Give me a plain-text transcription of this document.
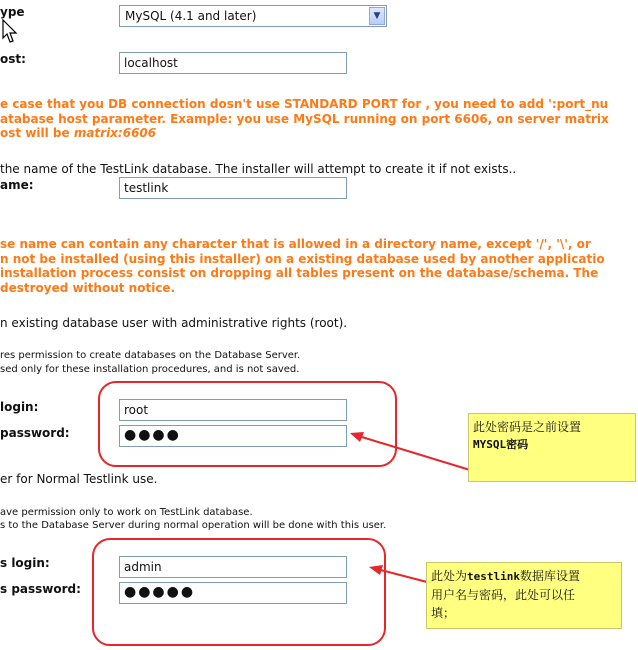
ype	MySQL (4.1 and later)	▼
ost:	localhost
e case that you DB connection dosn't use STANDARD PORT for , you need to add ':port_nu
atabase host parameter. Example: you use MySQL running on port 6606, on server matrix
ost will be matrix:6606
the name of the TestLink database. The installer will attempt to create it if not exists..
ame:	testlink
se name can contain any character that is allowed in a directory name, except '/', '\', or
n not be installed (using this installer) on a existing database used by another applicatio
installation process consist on dropping all tables present on the database/schema. The
destroyed without notice.
n existing database user with administrative rights (root).
res permission to create databases on the Database Server.
sed only for these installation procedures, and is not saved.
login:	root
password:	●●●●
er for Normal Testlink use.
ave permission only to work on TestLink database.
s to the Database Server during normal operation will be done with this user.
s login:	admin
s password:	●●●●●
此处密码是之前设置
MYSQL密码
此处为testlink数据库设置
用户名与密码，此处可以任
填；
